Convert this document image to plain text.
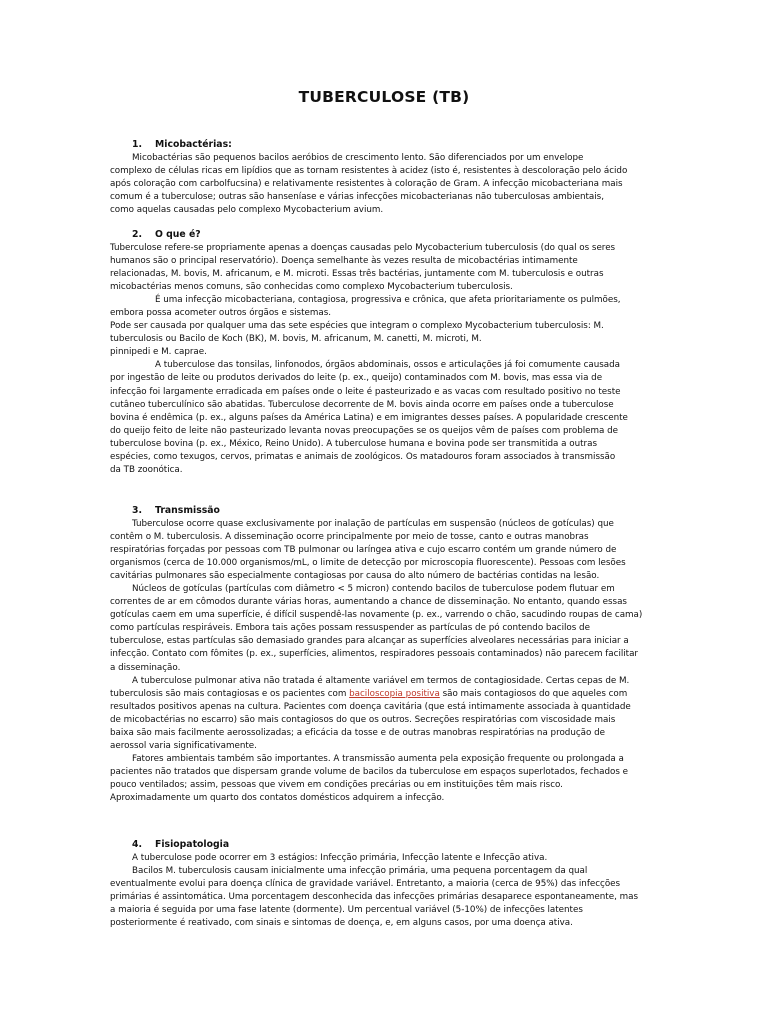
TUBERCULOSE (TB)
1. Micobactérias:
Micobactérias são pequenos bacilos aeróbios de crescimento lento. São diferenciados por um envelope
complexo de células ricas em lipídios que as tornam resistentes à acidez (isto é, resistentes à descoloração pelo ácido
após coloração com carbolfucsina) e relativamente resistentes à coloração de Gram. A infecção micobacteriana mais
comum é a tuberculose; outras são hanseníase e várias infecções micobacterianas não tuberculosas ambientais,
como aquelas causadas pelo complexo Mycobacterium avium.
2. O que é?
Tuberculose refere-se propriamente apenas a doenças causadas pelo Mycobacterium tuberculosis (do qual os seres
humanos são o principal reservatório). Doença semelhante às vezes resulta de micobactérias intimamente
relacionadas, M. bovis, M. africanum, e M. microti. Essas três bactérias, juntamente com M. tuberculosis e outras
micobactérias menos comuns, são conhecidas como complexo Mycobacterium tuberculosis.
É uma infecção micobacteriana, contagiosa, progressiva e crônica, que afeta prioritariamente os pulmões,
embora possa acometer outros órgãos e sistemas.
Pode ser causada por qualquer uma das sete espécies que integram o complexo Mycobacterium tuberculosis: M.
tuberculosis ou Bacilo de Koch (BK), M. bovis, M. africanum, M. canetti, M. microti, M.
pinnipedi e M. caprae.
A tuberculose das tonsilas, linfonodos, órgãos abdominais, ossos e articulações já foi comumente causada
por ingestão de leite ou produtos derivados do leite (p. ex., queijo) contaminados com M. bovis, mas essa via de
infecção foi largamente erradicada em países onde o leite é pasteurizado e as vacas com resultado positivo no teste
cutâneo tuberculínico são abatidas. Tuberculose decorrente de M. bovis ainda ocorre em países onde a tuberculose
bovina é endêmica (p. ex., alguns países da América Latina) e em imigrantes desses países. A popularidade crescente
do queijo feito de leite não pasteurizado levanta novas preocupações se os queijos vêm de países com problema de
tuberculose bovina (p. ex., México, Reino Unido). A tuberculose humana e bovina pode ser transmitida a outras
espécies, como texugos, cervos, primatas e animais de zoológicos. Os matadouros foram associados à transmissão
da TB zoonótica.
3. Transmissão
Tuberculose ocorre quase exclusivamente por inalação de partículas em suspensão (núcleos de gotículas) que
contêm o M. tuberculosis. A disseminação ocorre principalmente por meio de tosse, canto e outras manobras
respiratórias forçadas por pessoas com TB pulmonar ou laríngea ativa e cujo escarro contém um grande número de
organismos (cerca de 10.000 organismos/mL, o limite de detecção por microscopia fluorescente). Pessoas com lesões
cavitárias pulmonares são especialmente contagiosas por causa do alto número de bactérias contidas na lesão.
Núcleos de gotículas (partículas com diâmetro < 5 micron) contendo bacilos de tuberculose podem flutuar em
correntes de ar em cômodos durante várias horas, aumentando a chance de disseminação. No entanto, quando essas
gotículas caem em uma superfície, é difícil suspendê-las novamente (p. ex., varrendo o chão, sacudindo roupas de cama)
como partículas respiráveis. Embora tais ações possam ressuspender as partículas de pó contendo bacilos de
tuberculose, estas partículas são demasiado grandes para alcançar as superfícies alveolares necessárias para iniciar a
infecção. Contato com fômites (p. ex., superfícies, alimentos, respiradores pessoais contaminados) não parecem facilitar
a disseminação.
A tuberculose pulmonar ativa não tratada é altamente variável em termos de contagiosidade. Certas cepas de M.
tuberculosis são mais contagiosas e os pacientes com baciloscopia positiva são mais contagiosos do que aqueles com
resultados positivos apenas na cultura. Pacientes com doença cavitária (que está intimamente associada à quantidade
de micobactérias no escarro) são mais contagiosos do que os outros. Secreções respiratórias com viscosidade mais
baixa são mais facilmente aerossolizadas; a eficácia da tosse e de outras manobras respiratórias na produção de
aerossol varia significativamente.
Fatores ambientais também são importantes. A transmissão aumenta pela exposição frequente ou prolongada a
pacientes não tratados que dispersam grande volume de bacilos da tuberculose em espaços superlotados, fechados e
pouco ventilados; assim, pessoas que vivem em condições precárias ou em instituições têm mais risco.
Aproximadamente um quarto dos contatos domésticos adquirem a infecção.
4. Fisiopatologia
A tuberculose pode ocorrer em 3 estágios: Infecção primária, Infecção latente e Infecção ativa.
Bacilos M. tuberculosis causam inicialmente uma infecção primária, uma pequena porcentagem da qual
eventualmente evolui para doença clínica de gravidade variável. Entretanto, a maioria (cerca de 95%) das infecções
primárias é assintomática. Uma porcentagem desconhecida das infecções primárias desaparece espontaneamente, mas
a maioria é seguida por uma fase latente (dormente). Um percentual variável (5-10%) de infecções latentes
posteriormente é reativado, com sinais e sintomas de doença, e, em alguns casos, por uma doença ativa.
